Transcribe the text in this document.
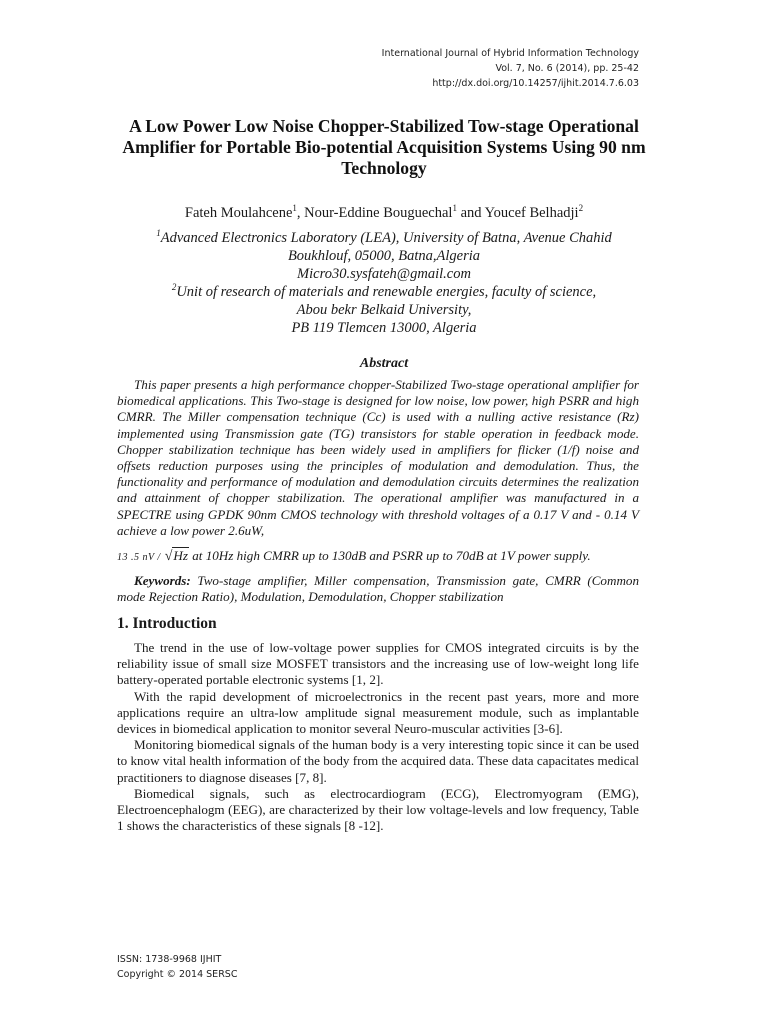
International Journal of Hybrid Information Technology
Vol. 7, No. 6 (2014), pp. 25-42
http://dx.doi.org/10.14257/ijhit.2014.7.6.03
A Low Power Low Noise Chopper-Stabilized Tow-stage Operational Amplifier for Portable Bio-potential Acquisition Systems Using 90 nm Technology
Fateh Moulahcene$^1$, Nour-Eddine Bouguechal$^1$ and Youcef Belhadji$^2$
$^1$Advanced Electronics Laboratory (LEA), University of Batna, Avenue Chahid
Boukhlouf, 05000, Batna,Algeria
Micro30.sysfateh@gmail.com
$^2$Unit of research of materials and renewable energies, faculty of science,
Abou bekr Belkaid University,
PB 119 Tlemcen 13000, Algeria
Abstract

This paper presents a high performance chopper-Stabilized Two-stage operational amplifier for biomedical applications. This Two-stage is designed for low noise, low power, high PSRR and high CMRR. The Miller compensation technique (Cc) is used with a nulling active resistance (Rz) implemented using Transmission gate (TG) transistors for stable operation in feedback mode. Chopper stabilization technique has been widely used in amplifiers for flicker (1/f) noise and offsets reduction purposes using the principles of modulation and demodulation. Thus, the functionality and performance of modulation and demodulation circuits determines the realization and attainment of chopper stabilization. The operational amplifier was manufactured in a SPECTRE using GPDK 90nm CMOS technology with threshold voltages of a 0.17 V and - 0.14 V achieve a low power 2.6uW,

13 .5 nV / √Hz at 10Hz high CMRR up to 130dB and PSRR up to 70dB at 1V power supply.
Keywords: Two-stage amplifier, Miller compensation, Transmission gate, CMRR (Common mode Rejection Ratio), Modulation, Demodulation, Chopper stabilization
1. Introduction

The trend in the use of low-voltage power supplies for CMOS integrated circuits is by the reliability issue of small size MOSFET transistors and the increasing use of low-weight long life battery-operated portable electronic systems [1, 2].

With the rapid development of microelectronics in the recent past years, more and more applications require an ultra-low amplitude signal measurement module, such as implantable devices in biomedical application to monitor several Neuro-muscular activities [3-6].

Monitoring biomedical signals of the human body is a very interesting topic since it can be used to know vital health information of the body from the acquired data. These data capacitates medical practitioners to diagnose diseases [7, 8].

Biomedical signals, such as electrocardiogram (ECG), Electromyogram (EMG), Electroencephalogm (EEG), are characterized by their low voltage-levels and low frequency, Table 1 shows the characteristics of these signals [8 -12].

ISSN: 1738-9968 IJHIT
Copyright © 2014 SERSC
